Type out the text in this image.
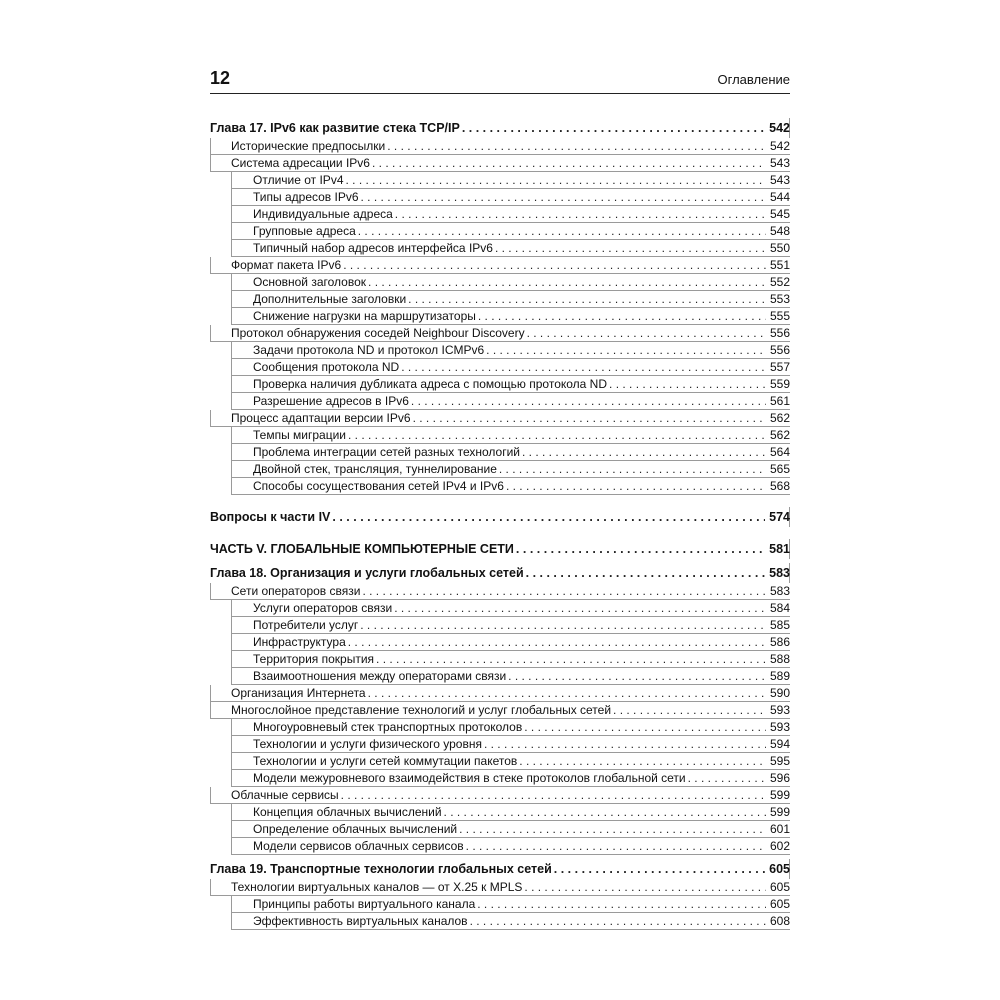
12	Оглавление
Глава 17. IPv6 как развитие стека TCP/IP . . .	542
Исторические предпосылки . . .	542
Система адресации IPv6 . . .	543
Отличие от IPv4 . . .	543
Типы адресов IPv6 . . .	544
Индивидуальные адреса . . .	545
Групповые адреса . . .	548
Типичный набор адресов интерфейса IPv6 . . .	550
Формат пакета IPv6 . . .	551
Основной заголовок . . .	552
Дополнительные заголовки . . .	553
Снижение нагрузки на маршрутизаторы . . .	555
Протокол обнаружения соседей Neighbour Discovery . . .	556
Задачи протокола ND и протокол ICMPv6 . . .	556
Сообщения протокола ND . . .	557
Проверка наличия дубликата адреса с помощью протокола ND . . .	559
Разрешение адресов в IPv6 . . .	561
Процесс адаптации версии IPv6 . . .	562
Темпы миграции . . .	562
Проблема интеграции сетей разных технологий . . .	564
Двойной стек, трансляция, туннелирование . . .	565
Способы сосуществования сетей IPv4 и IPv6 . . .	568
Вопросы к части IV . . .	574
ЧАСТЬ V. ГЛОБАЛЬНЫЕ КОМПЬЮТЕРНЫЕ СЕТИ . . .	581
Глава 18. Организация и услуги глобальных сетей . . .	583
Сети операторов связи . . .	583
Услуги операторов связи . . .	584
Потребители услуг . . .	585
Инфраструктура . . .	586
Территория покрытия . . .	588
Взаимоотношения между операторами связи . . .	589
Организация Интернета . . .	590
Многослойное представление технологий и услуг глобальных сетей . . .	593
Многоуровневый стек транспортных протоколов . . .	593
Технологии и услуги физического уровня . . .	594
Технологии и услуги сетей коммутации пакетов . . .	595
Модели межуровневого взаимодействия в стеке протоколов глобальной сети . . .	596
Облачные сервисы . . .	599
Концепция облачных вычислений . . .	599
Определение облачных вычислений . . .	601
Модели сервисов облачных сервисов . . .	602
Глава 19. Транспортные технологии глобальных сетей . . .	605
Технологии виртуальных каналов — от X.25 к MPLS . . .	605
Принципы работы виртуального канала . . .	605
Эффективность виртуальных каналов . . .	608
